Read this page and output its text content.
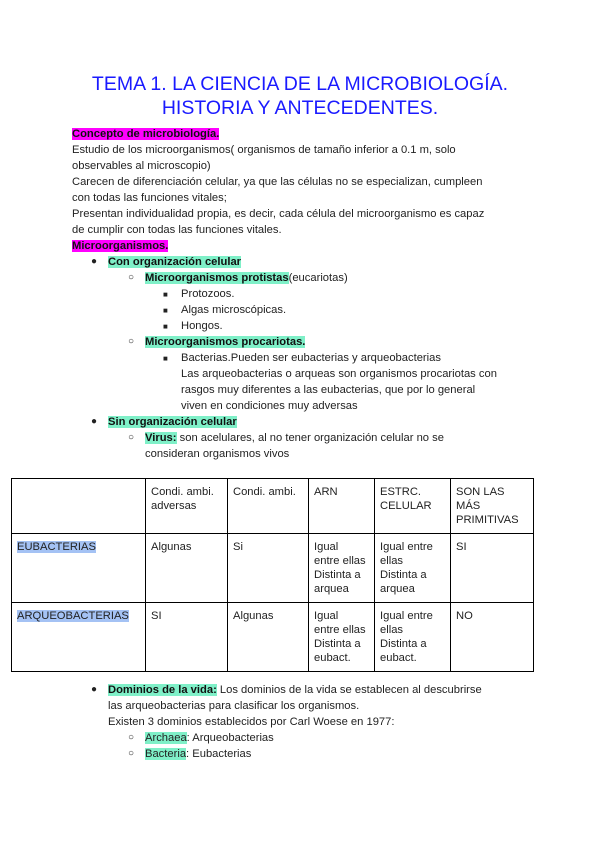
TEMA 1. LA CIENCIA DE LA MICROBIOLOGÍA.
HISTORIA Y ANTECEDENTES.
Concepto de microbiología.
Estudio de los microorganismos( organismos de tamaño inferior a 0.1 m, solo
observables al microscopio)
Carecen de diferenciación celular, ya que las células no se especializan, cumpleen
con todas las funciones vitales;
Presentan individualidad propia, es decir, cada célula del microorganismo es capaz
de cumplir con todas las funciones vitales.
Microorganismos.
● Con organización celular
○ Microorganismos protistas(eucariotas)
■ Protozoos.
■ Algas microscópicas.
■ Hongos.
○ Microorganismos procariotas.
■ Bacterias.Pueden ser eubacterias y arqueobacterias
Las arqueobacterias o arqueas son organismos procariotas con
rasgos muy diferentes a las eubacterias, que por lo general
viven en condiciones muy adversas
● Sin organización celular
○ Virus: son acelulares, al no tener organización celular no se
consideran organismos vivos
	Condi. ambi.
adversas	Condi. ambi.	ARN	ESTRC.
CELULAR	SON LAS
MÁS
PRIMITIVAS
EUBACTERIAS	Algunas	Si	Igual
entre ellas
Distinta a
arquea	Igual entre
ellas
Distinta a
arquea	SI
ARQUEOBACTERIAS	SI	Algunas	Igual
entre ellas
Distinta a
eubact.	Igual entre
ellas
Distinta a
eubact.	NO
● Dominios de la vida: Los dominios de la vida se establecen al descubrirse
las arqueobacterias para clasificar los organismos.
Existen 3 dominios establecidos por Carl Woese en 1977:
○ Archaea: Arqueobacterias
○ Bacteria: Eubacterias
